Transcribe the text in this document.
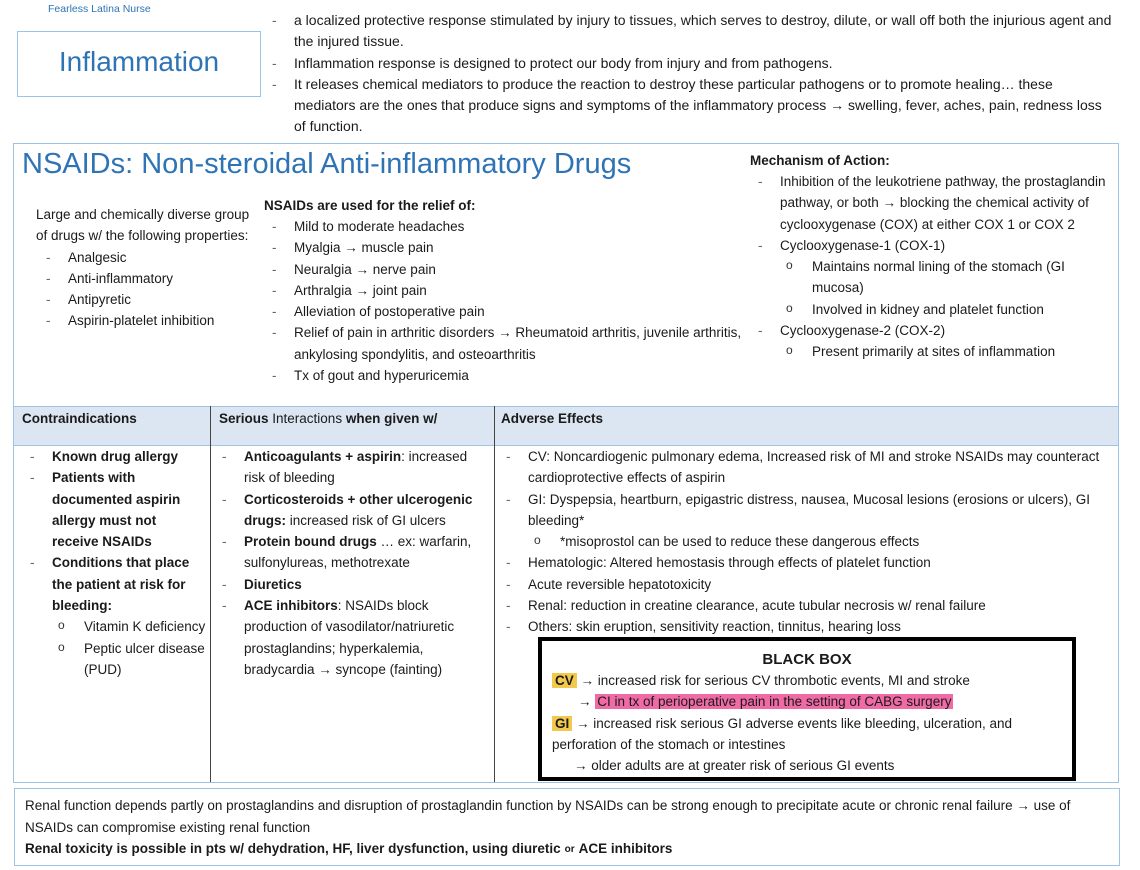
Fearless Latina Nurse
Inflammation
- a localized protective response stimulated by injury to tissues, which serves to destroy, dilute, or wall off both the injurious agent and the injured tissue.
- Inflammation response is designed to protect our body from injury and from pathogens.
- It releases chemical mediators to produce the reaction to destroy these particular pathogens or to promote healing… these mediators are the ones that produce signs and symptoms of the inflammatory process → swelling, fever, aches, pain, redness loss of function.
NSAIDs: Non-steroidal Anti-inflammatory Drugs
Large and chemically diverse group of drugs w/ the following properties:
- Analgesic
- Anti-inflammatory
- Antipyretic
- Aspirin-platelet inhibition
NSAIDs are used for the relief of:
- Mild to moderate headaches
- Myalgia → muscle pain
- Neuralgia → nerve pain
- Arthralgia → joint pain
- Alleviation of postoperative pain
- Relief of pain in arthritic disorders → Rheumatoid arthritis, juvenile arthritis, ankylosing spondylitis, and osteoarthritis
- Tx of gout and hyperuricemia
Mechanism of Action:
- Inhibition of the leukotriene pathway, the prostaglandin pathway, or both → blocking the chemical activity of cyclooxygenase (COX) at either COX 1 or COX 2
- Cyclooxygenase-1 (COX-1)
o Maintains normal lining of the stomach (GI mucosa)
o Involved in kidney and platelet function
- Cyclooxygenase-2 (COX-2)
o Present primarily at sites of inflammation
Contraindications	Serious Interactions when given w/	Adverse Effects
- Known drug allergy
- Patients with documented aspirin allergy must not receive NSAIDs
- Conditions that place the patient at risk for bleeding:
o Vitamin K deficiency
o Peptic ulcer disease (PUD)
- Anticoagulants + aspirin: increased risk of bleeding
- Corticosteroids + other ulcerogenic drugs: increased risk of GI ulcers
- Protein bound drugs … ex: warfarin, sulfonylureas, methotrexate
- Diuretics
- ACE inhibitors: NSAIDs block production of vasodilator/natriuretic prostaglandins; hyperkalemia, bradycardia → syncope (fainting)
- CV: Noncardiogenic pulmonary edema, Increased risk of MI and stroke NSAIDs may counteract cardioprotective effects of aspirin
- GI: Dyspepsia, heartburn, epigastric distress, nausea, Mucosal lesions (erosions or ulcers), GI bleeding*
o *misoprostol can be used to reduce these dangerous effects
- Hematologic: Altered hemostasis through effects of platelet function
- Acute reversible hepatotoxicity
- Renal: reduction in creatine clearance, acute tubular necrosis w/ renal failure
- Others: skin eruption, sensitivity reaction, tinnitus, hearing loss
BLACK BOX
CV → increased risk for serious CV thrombotic events, MI and stroke
→ CI in tx of perioperative pain in the setting of CABG surgery
GI → increased risk serious GI adverse events like bleeding, ulceration, and perforation of the stomach or intestines
→ older adults are at greater risk of serious GI events
Renal function depends partly on prostaglandins and disruption of prostaglandin function by NSAIDs can be strong enough to precipitate acute or chronic renal failure → use of NSAIDs can compromise existing renal function
Renal toxicity is possible in pts w/ dehydration, HF, liver dysfunction, using diuretic or ACE inhibitors
